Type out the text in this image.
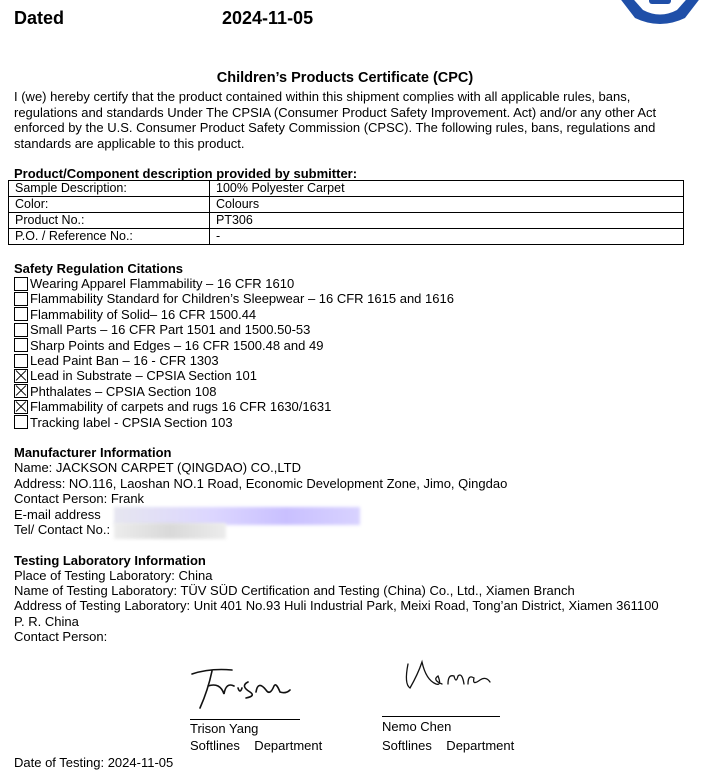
Dated	2024-11-05
Children’s Products Certificate (CPC)
I (we) hereby certify that the product contained within this shipment complies with all applicable rules, bans, regulations and standards Under The CPSIA (Consumer Product Safety Improvement. Act) and/or any other Act enforced by the U.S. Consumer Product Safety Commission (CPSC). The following rules, bans, regulations and standards are applicable to this product.
Product/Component description provided by submitter:
Sample Description:	100% Polyester Carpet
Color:	Colours
Product No.:	PT306
P.O. / Reference No.:	-
Safety Regulation Citations
Wearing Apparel Flammability – 16 CFR 1610
Flammability Standard for Children’s Sleepwear – 16 CFR 1615 and 1616
Flammability of Solid– 16 CFR 1500.44
Small Parts – 16 CFR Part 1501 and 1500.50-53
Sharp Points and Edges – 16 CFR 1500.48 and 49
Lead Paint Ban – 16 - CFR 1303
Lead in Substrate – CPSIA Section 101
Phthalates – CPSIA Section 108
Flammability of carpets and rugs 16 CFR 1630/1631
Tracking label - CPSIA Section 103
Manufacturer Information
Name: JACKSON CARPET (QINGDAO) CO.,LTD
Address: NO.116, Laoshan NO.1 Road, Economic Development Zone, Jimo, Qingdao
Contact Person: Frank
E-mail address
Tel/ Contact No.:
Testing Laboratory Information
Place of Testing Laboratory: China
Name of Testing Laboratory: TÜV SÜD Certification and Testing (China) Co., Ltd., Xiamen Branch
Address of Testing Laboratory: Unit 401 No.93 Huli Industrial Park, Meixi Road, Tong’an District, Xiamen 361100
P. R. China
Contact Person:
Trison Yang
Softlines    Department
Nemo Chen
Softlines    Department
Date of Testing: 2024-11-05
